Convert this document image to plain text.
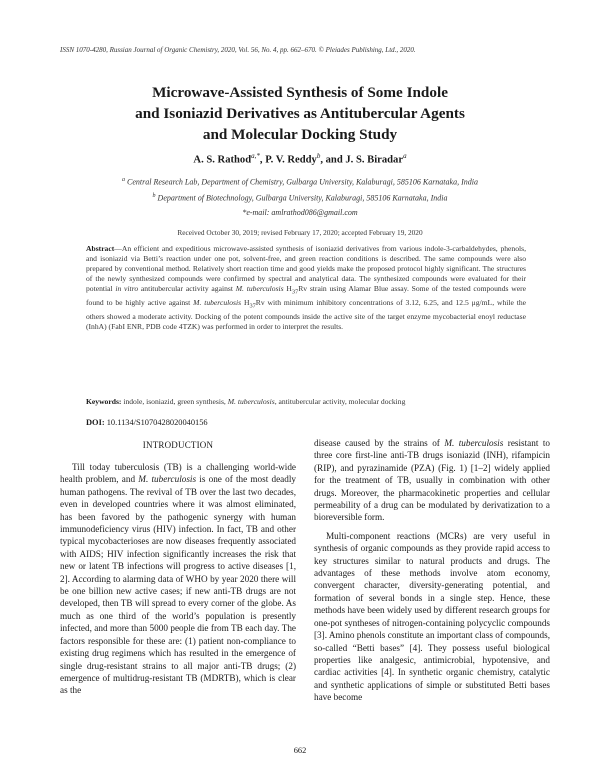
ISSN 1070-4280, Russian Journal of Organic Chemistry, 2020, Vol. 56, No. 4, pp. 662–670. © Pleiades Publishing, Ltd., 2020.
Microwave-Assisted Synthesis of Some Indole
and Isoniazid Derivatives as Antitubercular Agents
and Molecular Docking Study
A. S. Rathod$^{a,*}$, P. V. Reddy$^b$, and J. S. Biradar$^a$
$^a$ Central Research Lab, Department of Chemistry, Gulbarga University, Kalaburagi, 585106 Karnataka, India
$^b$ Department of Biotechnology, Gulbarga University, Kalaburagi, 585106 Karnataka, India
*e-mail: amlrathod086@gmail.com
Received October 30, 2019; revised February 17, 2020; accepted February 19, 2020
Abstract—An efficient and expeditious microwave-assisted synthesis of isoniazid derivatives from various indole-3-carbaldehydes, phenols, and isoniazid via Betti’s reaction under one pot, solvent-free, and green reaction conditions is described. The same compounds were also prepared by conventional method. Relatively short reaction time and good yields make the proposed protocol highly significant. The structures of the newly synthesized compounds were confirmed by spectral and analytical data. The synthesized compounds were evaluated for their potential in vitro antitubercular activity against M. tuberculosis $H_{37}Rv$ strain using Alamar Blue assay. Some of the tested compounds were found to be highly active against M. tuberculosis $H_{37}Rv$ with minimum inhibitory concentrations of 3.12, 6.25, and 12.5 μg/mL, while the others showed a moderate activity. Docking of the potent compounds inside the active site of the target enzyme mycobacterial enoyl reductase (InhA) (FabI ENR, PDB code 4TZK) was performed in order to interpret the results.
Keywords: indole, isoniazid, green synthesis, M. tuberculosis, antitubercular activity, molecular docking
DOI: 10.1134/S1070428020040156
INTRODUCTION

Till today tuberculosis (TB) is a challenging world-wide health problem, and M. tuberculosis is one of the most deadly human pathogens. The revival of TB over the last two decades, even in developed countries where it was almost eliminated, has been favored by the pathogenic synergy with human immunodeficiency virus (HIV) infection. In fact, TB and other typical mycobacterioses are now diseases frequently associated with AIDS; HIV infection significantly increases the risk that new or latent TB infections will progress to active diseases [1, 2]. According to alarming data of WHO by year 2020 there will be one billion new active cases; if new anti-TB drugs are not developed, then TB will spread to every corner of the globe. As much as one third of the world’s population is presently infected, and more than 5000 people die from TB each day. The factors responsible for these are: (1) patient non-compliance to existing drug regimens which has resulted in the emergence of single drug-resistant strains to all major anti-TB drugs; (2) emergence of multidrug-resistant TB (MDRTB), which is clear as the

disease caused by the strains of M. tuberculosis resistant to three core first-line anti-TB drugs isoniazid (INH), rifampicin (RIP), and pyrazinamide (PZA) (Fig. 1) [1–2] widely applied for the treatment of TB, usually in combination with other drugs. Moreover, the pharmacokinetic properties and cellular permeability of a drug can be modulated by derivatization to a bioreversible form.

Multi-component reactions (MCRs) are very useful in synthesis of organic compounds as they provide rapid access to key structures similar to natural products and drugs. The advantages of these methods involve atom economy, convergent character, diversity-generating potential, and formation of several bonds in a single step. Hence, these methods have been widely used by different research groups for one-pot syntheses of nitrogen-containing polycyclic compounds [3]. Amino phenols constitute an important class of compounds, so-called “Betti bases” [4]. They possess useful biological properties like analgesic, antimicrobial, hypotensive, and cardiac activities [4]. In synthetic organic chemistry, catalytic and synthetic applications of simple or substituted Betti bases have become

662
